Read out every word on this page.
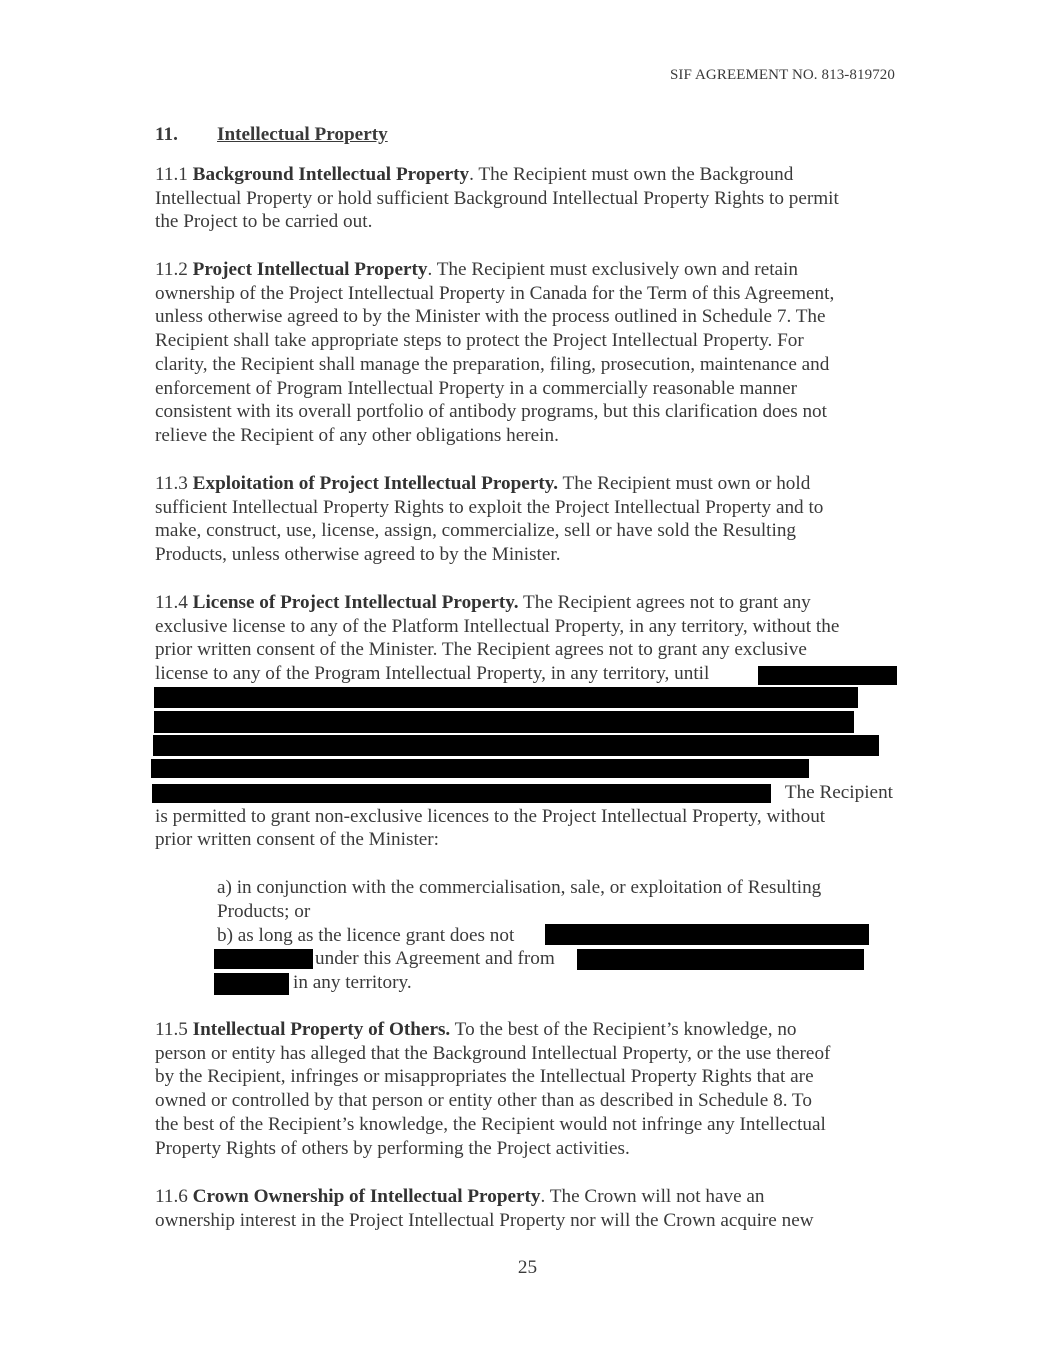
SIF AGREEMENT NO. 813-819720
11. Intellectual Property
11.1 Background Intellectual Property. The Recipient must own the Background
Intellectual Property or hold sufficient Background Intellectual Property Rights to permit
the Project to be carried out.
11.2 Project Intellectual Property. The Recipient must exclusively own and retain
ownership of the Project Intellectual Property in Canada for the Term of this Agreement,
unless otherwise agreed to by the Minister with the process outlined in Schedule 7. The
Recipient shall take appropriate steps to protect the Project Intellectual Property. For
clarity, the Recipient shall manage the preparation, filing, prosecution, maintenance and
enforcement of Program Intellectual Property in a commercially reasonable manner
consistent with its overall portfolio of antibody programs, but this clarification does not
relieve the Recipient of any other obligations herein.
11.3 Exploitation of Project Intellectual Property. The Recipient must own or hold
sufficient Intellectual Property Rights to exploit the Project Intellectual Property and to
make, construct, use, license, assign, commercialize, sell or have sold the Resulting
Products, unless otherwise agreed to by the Minister.
11.4 License of Project Intellectual Property. The Recipient agrees not to grant any
exclusive license to any of the Platform Intellectual Property, in any territory, without the
prior written consent of the Minister. The Recipient agrees not to grant any exclusive
license to any of the Program Intellectual Property, in any territory, until
The Recipient
is permitted to grant non-exclusive licences to the Project Intellectual Property, without
prior written consent of the Minister:
a) in conjunction with the commercialisation, sale, or exploitation of Resulting
Products; or
b) as long as the licence grant does not
under this Agreement and from
in any territory.
11.5 Intellectual Property of Others. To the best of the Recipient’s knowledge, no
person or entity has alleged that the Background Intellectual Property, or the use thereof
by the Recipient, infringes or misappropriates the Intellectual Property Rights that are
owned or controlled by that person or entity other than as described in Schedule 8. To
the best of the Recipient’s knowledge, the Recipient would not infringe any Intellectual
Property Rights of others by performing the Project activities.
11.6 Crown Ownership of Intellectual Property. The Crown will not have an
ownership interest in the Project Intellectual Property nor will the Crown acquire new
25
